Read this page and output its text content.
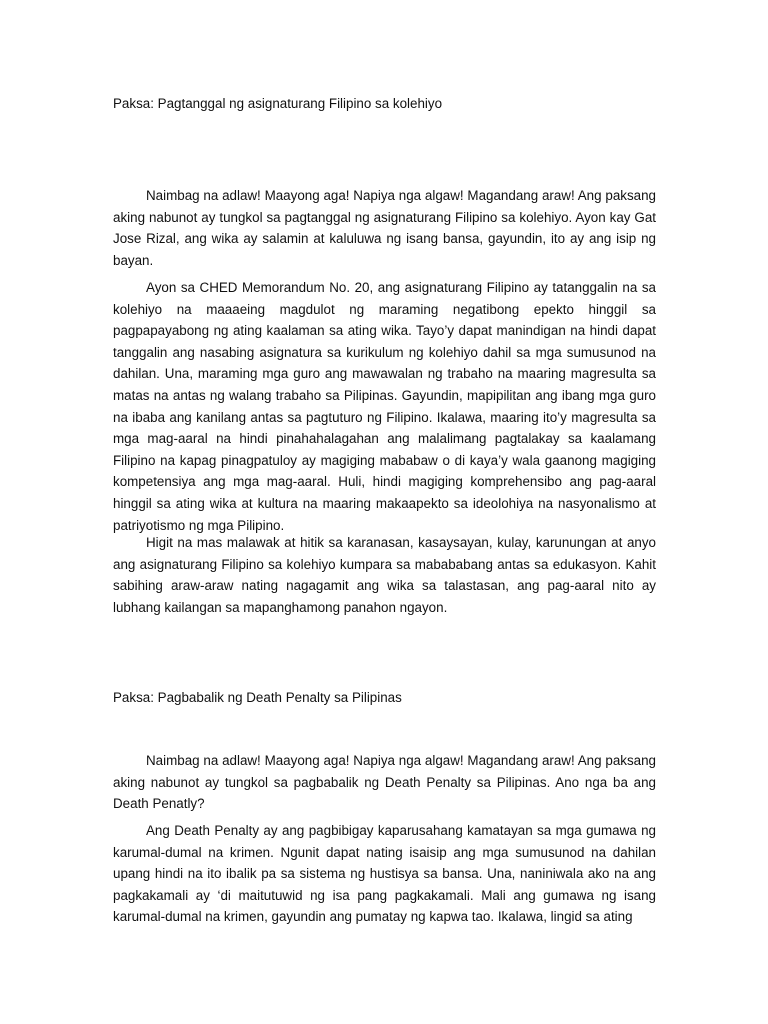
Paksa: Pagtanggal ng asignaturang Filipino sa kolehiyo

Naimbag na adlaw! Maayong aga! Napiya nga algaw! Magandang araw! Ang paksang aking nabunot ay tungkol sa pagtanggal ng asignaturang Filipino sa kolehiyo. Ayon kay Gat Jose Rizal, ang wika ay salamin at kaluluwa ng isang bansa, gayundin, ito ay ang isip ng bayan.

Ayon sa CHED Memorandum No. 20, ang asignaturang Filipino ay tatanggalin na sa kolehiyo na maaaeing magdulot ng maraming negatibong epekto hinggil sa pagpapayabong ng ating kaalaman sa ating wika. Tayo’y dapat manindigan na hindi dapat tanggalin ang nasabing asignatura sa kurikulum ng kolehiyo dahil sa mga sumusunod na dahilan. Una, maraming mga guro ang mawawalan ng trabaho na maaring magresulta sa matas na antas ng walang trabaho sa Pilipinas. Gayundin, mapipilitan ang ibang mga guro na ibaba ang kanilang antas sa pagtuturo ng Filipino. Ikalawa, maaring ito’y magresulta sa mga mag-aaral na hindi pinahahalagahan ang malalimang pagtalakay sa kaalamang Filipino na kapag pinagpatuloy ay magiging mababaw o di kaya’y wala gaanong magiging kompetensiya ang mga mag-aaral. Huli, hindi magiging komprehensibo ang pag-aaral hinggil sa ating wika at kultura na maaring makaapekto sa ideolohiya na nasyonalismo at patriyotismo ng mga Pilipino.

Higit na mas malawak at hitik sa karanasan, kasaysayan, kulay, karunungan at anyo ang asignaturang Filipino sa kolehiyo kumpara sa mabababang antas sa edukasyon. Kahit sabihing araw-araw nating nagagamit ang wika sa talastasan, ang pag-aaral nito ay lubhang kailangan sa mapanghamong panahon ngayon.

Paksa: Pagbabalik ng Death Penalty sa Pilipinas

Naimbag na adlaw! Maayong aga! Napiya nga algaw! Magandang araw! Ang paksang aking nabunot ay tungkol sa pagbabalik ng Death Penalty sa Pilipinas. Ano nga ba ang Death Penatly?

Ang Death Penalty ay ang pagbibigay kaparusahang kamatayan sa mga gumawa ng karumal-dumal na krimen. Ngunit dapat nating isaisip ang mga sumusunod na dahilan upang hindi na ito ibalik pa sa sistema ng hustisya sa bansa. Una, naniniwala ako na ang pagkakamali ay ‘di maitutuwid ng isa pang pagkakamali. Mali ang gumawa ng isang karumal-dumal na krimen, gayundin ang pumatay ng kapwa tao. Ikalawa, lingid sa ating
